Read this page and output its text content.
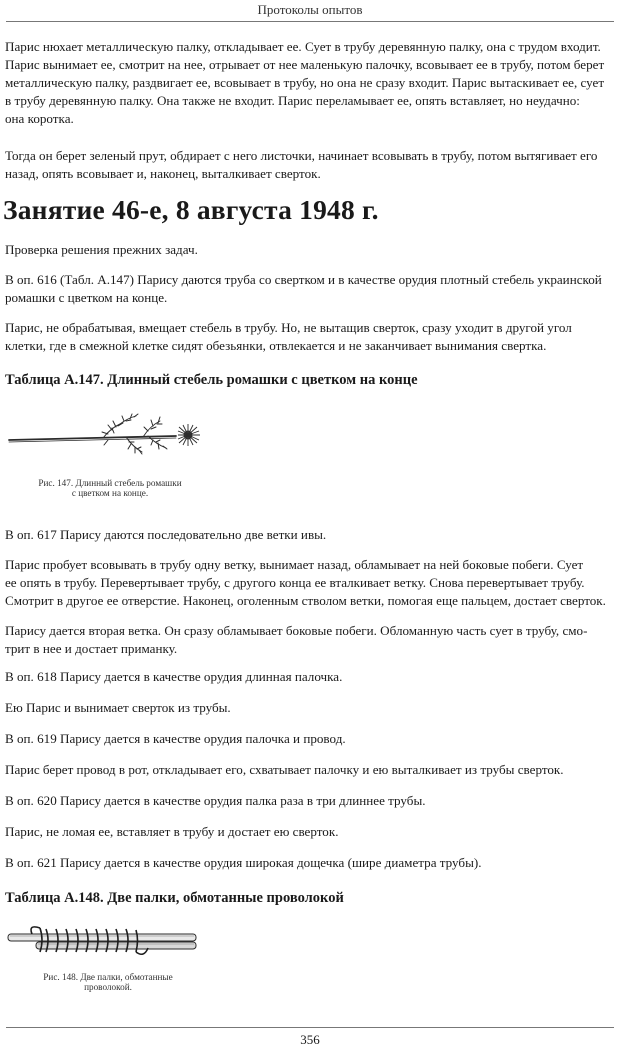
Протоколы опытов

Парис нюхает металлическую палку, откладывает ее. Сует в трубу деревянную палку, она с трудом входит.
Парис вынимает ее, смотрит на нее, отрывает от нее маленькую палочку, всовывает ее в трубу, потом берет
металлическую палку, раздвигает ее, всовывает в трубу, но она не сразу входит. Парис вытаскивает ее, сует
в трубу деревянную палку. Она также не входит. Парис переламывает ее, опять вставляет, но неудачно:
она коротка.

Тогда он берет зеленый прут, обдирает с него листочки, начинает всовывать в трубу, потом вытягивает его
назад, опять всовывает и, наконец, выталкивает сверток.

Занятие 46-е, 8 августа 1948 г.

Проверка решения прежних задач.

В оп. 616 (Табл. А.147) Парису даются труба со свертком и в качестве орудия плотный стебель украинской
ромашки с цветком на конце.

Парис, не обрабатывая, вмещает стебель в трубу. Но, не вытащив сверток, сразу уходит в другой угол
клетки, где в смежной клетке сидят обезьянки, отвлекается и не заканчивает вынимания свертка.

Таблица А.147. Длинный стебель ромашки с цветком на конце
Рис. 147. Длинный стебель ромашки
с цветком на конце.

В оп. 617 Парису даются последовательно две ветки ивы.

Парис пробует всовывать в трубу одну ветку, вынимает назад, обламывает на ней боковые побеги. Сует
ее опять в трубу. Перевертывает трубу, с другого конца ее вталкивает ветку. Снова перевертывает трубу.
Смотрит в другое ее отверстие. Наконец, оголенным стволом ветки, помогая еще пальцем, достает сверток.

Парису дается вторая ветка. Он сразу обламывает боковые побеги. Обломанную часть сует в трубу, смо-
трит в нее и достает приманку.

В оп. 618 Парису дается в качестве орудия длинная палочка.

Ею Парис и вынимает сверток из трубы.

В оп. 619 Парису дается в качестве орудия палочка и провод.

Парис берет провод в рот, откладывает его, схватывает палочку и ею выталкивает из трубы сверток.

В оп. 620 Парису дается в качестве орудия палка раза в три длиннее трубы.

Парис, не ломая ее, вставляет в трубу и достает ею сверток.

В оп. 621 Парису дается в качестве орудия широкая дощечка (шире диаметра трубы).

Таблица А.148. Две палки, обмотанные проволокой
Рис. 148. Две палки, обмотанные
проволокой.
356
